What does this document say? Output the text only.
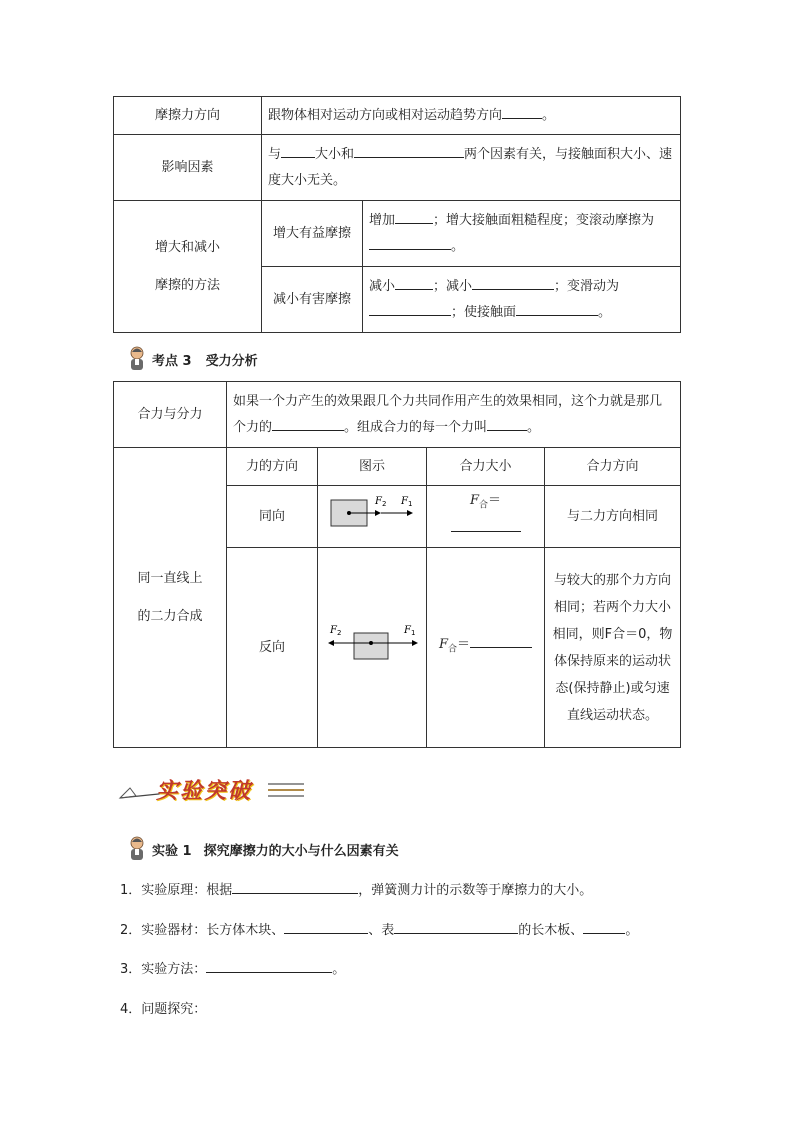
摩擦力方向	跟物体相对运动方向或相对运动趋势方向 。	
影响因素	与 大小和 两个因素有关，与接触面积大小、速度大小无关。	

增大和减小
摩擦的方法	增大有益摩擦	增加 ；增大接触面粗糙程度；变滚动摩擦为。
	减小有害摩擦	减小 ；减小 ；变滑动为；使接触面 。
考点 3 受力分析
合力与分力	如果一个力产生的效果跟几个力共同作用产生的效果相同，这个力就是那几个力的 。组成合力的每一个力叫 。			

同一直线上
的二力合成	力的方向	图示	合力大小	合力方向
	同向	F 2 F 1	$F_合=$	与二力方向相同
	反向	F 2 F 1	$F_合=$	与较大的那个力方向相同；若两个力大小相同，则F合＝0，物体保持原来的运动状态(保持静止)或匀速直线运动状态。
实验突破
实验 1 探究摩擦力的大小与什么因素有关
1．实验原理：根据	，弹簧测力计的示数等于摩擦力的大小。
2．实验器材：长方体木块、	、表	的长木板、	。
3．实验方法：	。
4．问题探究：
